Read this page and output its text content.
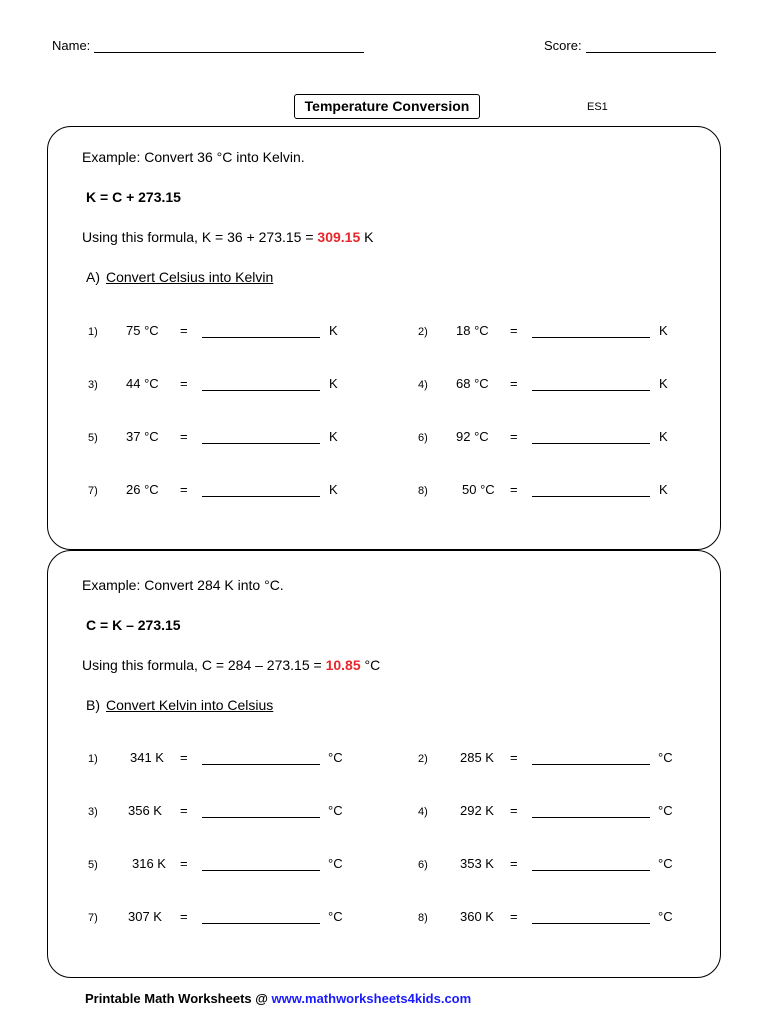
Name:	Score:
Temperature Conversion	ES1
Example: Convert 36 °C into Kelvin.
K = C + 273.15
Using this formula, K = 36 + 273.15 = 309.15 K
A) Convert Celsius into Kelvin
1)	75 °C =	K	2)	18 °C =	K
3)	44 °C =	K	4)	68 °C =	K
5)	37 °C =	K	6)	92 °C =	K
7)	26 °C =	K	8)	50 °C =	K
Example: Convert 284 K into °C.
C = K – 273.15
Using this formula, C = 284 – 273.15 = 10.85 °C
B) Convert Kelvin into Celsius
1)	341 K =	°C	2)	285 K =	°C
3)	356 K =	°C	4)	292 K =	°C
5)	316 K =	°C	6)	353 K =	°C
7)	307 K =	°C	8)	360 K =	°C
Printable Math Worksheets @ www.mathworksheets4kids.com
